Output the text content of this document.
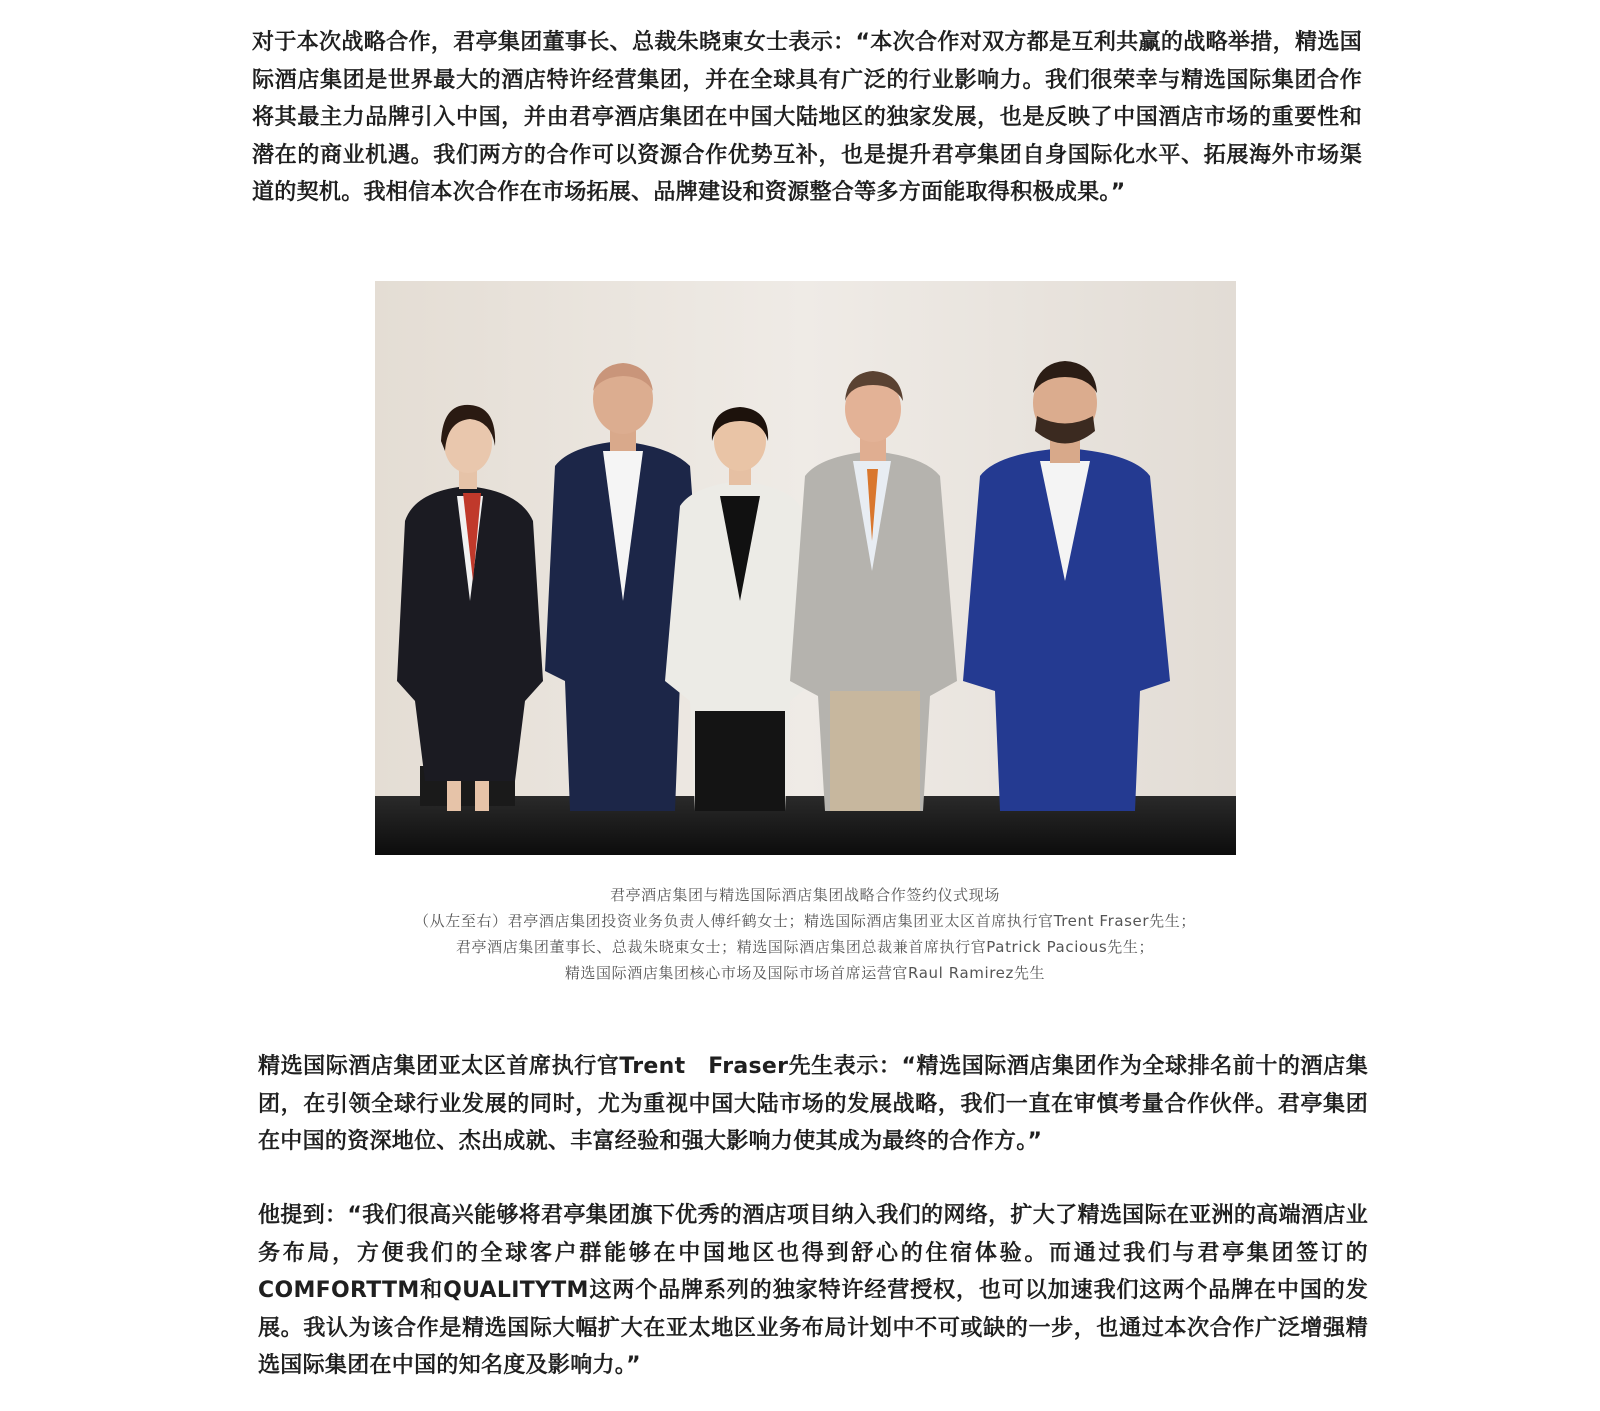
对于本次战略合作，君亭集团董事长、总裁朱晓東女士表示：“本次合作对双方都是互利共赢的战略举措，精选国际酒店集团是世界最大的酒店特许经营集团，并在全球具有广泛的行业影响力。我们很荣幸与精选国际集团合作将其最主力品牌引入中国，并由君亭酒店集团在中国大陆地区的独家发展，也是反映了中国酒店市场的重要性和潜在的商业机遇。我们两方的合作可以资源合作优势互补，也是提升君亭集团自身国际化水平、拓展海外市场渠道的契机。我相信本次合作在市场拓展、品牌建设和资源整合等多方面能取得积极成果。”

君亭酒店集团与精选国际酒店集团战略合作签约仪式现场
（从左至右）君亭酒店集团投资业务负责人傅纤鹤女士；精选国际酒店集团亚太区首席执行官Trent Fraser先生；
君亭酒店集团董事长、总裁朱晓東女士；精选国际酒店集团总裁兼首席执行官Patrick Pacious先生；
精选国际酒店集团核心市场及国际市场首席运营官Raul Ramirez先生

精选国际酒店集团亚太区首席执行官Trent　Fraser先生表示：“精选国际酒店集团作为全球排名前十的酒店集团，在引领全球行业发展的同时，尤为重视中国大陆市场的发展战略，我们一直在审慎考量合作伙伴。君亭集团在中国的资深地位、杰出成就、丰富经验和强大影响力使其成为最终的合作方。”

他提到：“我们很高兴能够将君亭集团旗下优秀的酒店项目纳入我们的网络，扩大了精选国际在亚洲的高端酒店业务布局，方便我们的全球客户群能够在中国地区也得到舒心的住宿体验。而通过我们与君亭集团签订的COMFORTTM和QUALITYTM这两个品牌系列的独家特许经营授权，也可以加速我们这两个品牌在中国的发展。我认为该合作是精选国际大幅扩大在亚太地区业务布局计划中不可或缺的一步，也通过本次合作广泛增强精选国际集团在中国的知名度及影响力。”
